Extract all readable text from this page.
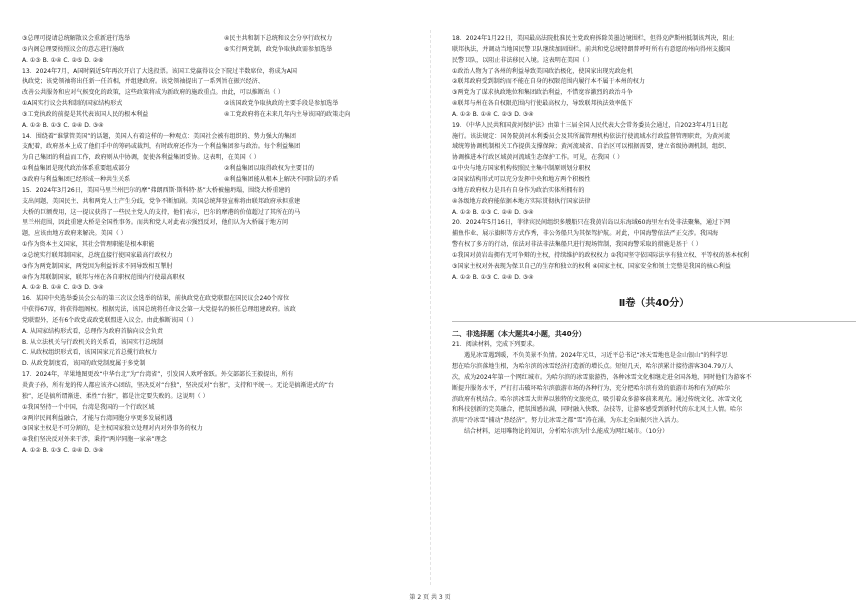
③总理可提请总统解散议会重新进行选举	④民主共和制下总统和议会分享行政权力
⑤内阁总理要按照议会的意志进行施政	⑥实行两党制，政党争取执政需参加选举
A. ①③ B. ①④ C. ②⑤ D. ②⑥
13．2024年7月，A国时隔近5年再次开启了大选投票。该国工党赢得议会下院过半数席位，将成为A国
执政党；该党领袖将出任新一任首相，并组建政府。该党领袖提出了一系列旨在振兴经济、
改善公共服务和应对气候变化的政策，这些政策将成为新政府的施政重点。由此，可以推断出（ ）
①A国实行议会共和制的国家结构形式	②该国政党争取执政的主要手段是参加选举
③工党执政的前提是其代表该国人民的根本利益	④工党政府将在未来几年内主导该国的政策走向
A. ①② B. ①③ C. ②④ D. ③④
14．围绕着“谁掌管美国”的话题，美国人有着这样的一种观点：美国社会被有组织的、势力强大的集团
支配着，政府基本上成了他们手中的筹码或裁判，有时政府还作为一个利益集团参与政治。每个利益集团
为自己集团的利益而工作，政府则从中协调，促使各利益集团妥协。这表明，在美国（ ）
①利益集团是现代政治体系重要组成部分	②利益集团以取得政权为主要目的
③政府与利益集团已经形成一种共生关系	④利益集团能从根本上解决不同阶层的矛盾
15．2024年3月26日，美国马里兰州巴尔的摩“弗朗西斯·斯科特·基”大桥被撞坍塌，围绕大桥重建的
支出问题，美国民主、共和两党人士产生分歧，党争不断加剧。美国总统拜登宣称将由联邦政府承担重建
大桥的巨额费用，这一提议获得了一些民主党人的支持，他们表示，巴尔的摩港的价值超过了其所在的马
里兰州范围，因此重建大桥是全国性事务。而共和党人对此表示强烈反对，他们认为大桥属于地方问
题，应该由地方政府来解决。美国（ ）
①作为资本主义国家，其社会管理职能是根本职能
②总统实行联邦制国家，总统直接行使国家最高行政权力
③作为两党制国家，两党因为利益诉求不同导致相互掣肘
④作为邦联制国家，联邦与州在各自职权范围内行使最高职权
A. ①② B. ①④ C. ②③ D. ③④
16．某国中央选举委员会公布的第三次议会选举的结果，前执政党在政党联盟在国民议会240个席位
中获得67席，将获得组阁权。根据宪法，该国总统将任命议会第一大党提名的候任总理组建政府。该政
党联盟外，还有6个政党或政党联盟进入议会。由此推断该国（ ）
A. 从国家结构形式看，总理作为政府首脑向议会负责
B. 从立法机关与行政机关的关系看，该国实行总统制
C. 从政权组织形式看，该国国家元首总揽行政权力
D. 从政党制度看，该国的政党制度属于多党制
17．2024年，苹果地图更改“中华台北”为“台湾省”，引发国人欢呼雀跃。外交部部长王毅提出，所有
炎黄子孙，所有龙的传人都应该齐心团结，坚决反对“台独”，坚决反对“台独”，支持和平统一。无论是搞渐进式的“台
独”，还是搞所谓渐进、柔性“台独”，都是注定要失败的。这说明（ ）
①我国坚持一个中国，台湾是我国的一个行政区域
②两岸民间利益融合，才能与台湾同胞分享更多发展机遇
③国家主权是不可分割的，是主权国家独立处理对内对外事务的权力
④我们坚决反对外来干涉，秉持“两岸同胞一家亲”理念
A. ①② B. ①③ C. ②④ D. ③④
18．2024年1月22日，美国最高法院批准民主党政府拆除美墨边境围栏，但得克萨斯州抵制该判决，阻止
联邦执法，并调动当地国民警卫队继续加固围栏。前共和党总统特朗普呼吁所有有意愿的州向得州支援国
民警卫队，以阻止非法移民入境。这表明在美国（ ）
①政治人物为了各州的利益导致美国政治极化，使国家出现宪政危机
②联邦政府受到制约而不能在自身的权限范围内履行本不属于本州的权力
③两党为了谋求执政地位和集团政治利益，不惜宽容激烈的政治斗争
④联邦与州在各自权限范围内行使最高权力，导致联邦执法效率低下
A. ①② B. ①④ C. ②③ D. ③④
19．《中华人民共和国黄河保护法》由第十三届全国人民代表大会常务委员会通过，自2023年4月1日起
施行。该法规定：国务院黄河水利委员会及其所属管理机构依法行使流域水行政监督管理职责，为黄河流
域统筹协调机制相关工作提供支撑保障；黄河流域省、自治区可以根据需要，建立省级协调机制，组织、
协调推进本行政区域黄河流域生态保护工作。可见，在我国（ ）
①中央与地方国家机构按照民主集中制原则划分职权
②国家结构形式可以充分发挥中央和地方两个积极性
③地方政府权力是具有自身作为政治实体所拥有的
④各级地方政府能依据本地方实际贯彻执行国家法律
A. ①② B. ①③ C. ②④ D. ③④
20．2024年5月16日，菲律宾民间组织多艘船只在我黄岩岛以东海域60海里左右处非法聚集，通过下网
捕鱼作业、展示旗帜等方式作秀，非公务船只为其保驾护航。对此，中国海警依法严正交涉。我国海
警有权了多方的行动，依法对非法非法集船只进行现场管制，我国海警采取的措施是基于（ ）
①我国对黄岩岛拥有无可争辩的主权，持续维护的政权权力 ②我国坚守依国际法享有独立权、平等权的基本权利
③国家主权对外表现为保卫自己的生存和独立的权利 ④国家主权、国家安全和领土完整是我国的核心利益
A. ①② B. ①③ C. ②④ D. ③④
Ⅱ卷（共40分）
二、非选择题（本大题共4小题，共40分）
21．阅读材料，完成下列要求。
遇见冰雪遇到暖，不负美景不负情。2024年元旦，习近平总书记“冰天雪地也是金山银山”的科学思
想在哈尔滨落地生根，为哈尔滨的冰雪经济打造新的增长点。短短几天，哈尔滨累计接待游客304.79万人
次，成为2024年第一个网红城市。为哈尔滨的冰雪旅游热，各种冰雪文化相继走进全国各地，同时他们为游客不
断提升服务水平，严打打击破坏哈尔滨旅游市场的各种行为，充分把哈尔滨有效的旅游市场和有为的哈尔
滨政府有机结合。哈尔滨冰雪大世界以独特的文旅亮点，吸引着众多游客前来观光。通过传统文化、冰雪文化
和科技创新的完美融合，把氛围感拉满，同时融入快歌、杂技等，让游客感受到新时代的东北风土人情。哈尔
滨用“冷冰雪”捕动“热经济”，努力让冰雪之都“雪”涛在涌，为东北全面振兴注入活力。
结合材料，运用唯物论的知识，分析哈尔滨为什么能成为网红城市。（10分）
第 2 页 共 3 页
